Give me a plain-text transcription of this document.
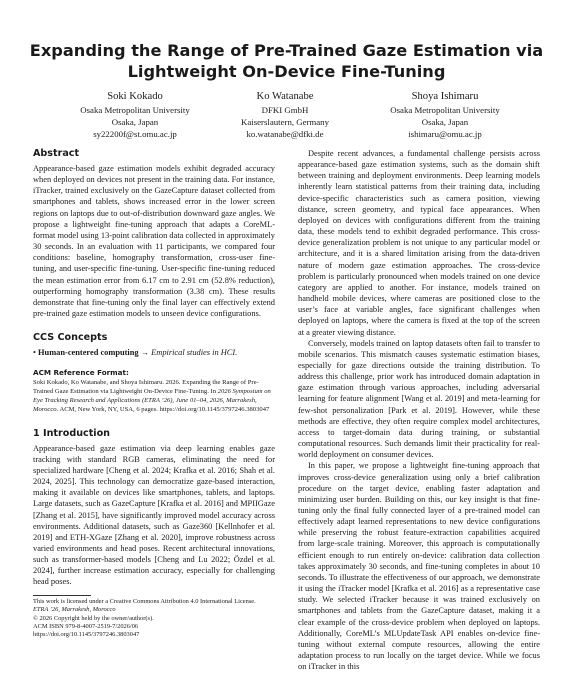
Expanding the Range of Pre-Trained Gaze Estimation via
Lightweight On-Device Fine-Tuning
Soki Kokado
Osaka Metropolitan University
Osaka, Japan
sy22200f@st.omu.ac.jp
Ko Watanabe
DFKI GmbH
Kaiserslautern, Germany
ko.watanabe@dfki.de
Shoya Ishimaru
Osaka Metropolitan University
Osaka, Japan
ishimaru@omu.ac.jp
Abstract

Appearance-based gaze estimation models exhibit degraded accuracy when deployed on devices not present in the training data. For instance, iTracker, trained exclusively on the GazeCapture dataset collected from smartphones and tablets, shows increased error in the lower screen regions on laptops due to out-of-distribution downward gaze angles. We propose a lightweight fine-tuning approach that adapts a CoreML-format model using 13-point calibration data collected in approximately 30 seconds. In an evaluation with 11 participants, we compared four conditions: baseline, homography transformation, cross-user fine-tuning, and user-specific fine-tuning. User-specific fine-tuning reduced the mean estimation error from 6.17 cm to 2.91 cm (52.8% reduction), outperforming homography transformation (3.38 cm). These results demonstrate that fine-tuning only the final layer can effectively extend pre-trained gaze estimation models to unseen device configurations.

CCS Concepts

• Human-centered computing → Empirical studies in HCI.

ACM Reference Format:

Soki Kokado, Ko Watanabe, and Shoya Ishimaru. 2026. Expanding the Range of Pre-Trained Gaze Estimation via Lightweight On-Device Fine-Tuning. In 2026 Symposium on Eye Tracking Research and Applications (ETRA ’26), June 01–04, 2026, Marrakesh, Morocco. ACM, New York, NY, USA, 6 pages. https://doi.org/10.1145/3797246.3803047

1 Introduction

Appearance-based gaze estimation via deep learning enables gaze tracking with standard RGB cameras, eliminating the need for specialized hardware [Cheng et al. 2024; Krafka et al. 2016; Shah et al. 2024, 2025]. This technology can democratize gaze-based interaction, making it available on devices like smartphones, tablets, and laptops. Large datasets, such as GazeCapture [Krafka et al. 2016] and MPIIGaze [Zhang et al. 2015], have significantly improved model accuracy across environments. Additional datasets, such as Gaze360 [Kellnhofer et al. 2019] and ETH-XGaze [Zhang et al. 2020], improve robustness across varied environments and head poses. Recent architectural innovations, such as transformer-based models [Cheng and Lu 2022; Özdel et al. 2024], further increase estimation accuracy, especially for challenging head poses.

Despite recent advances, a fundamental challenge persists across appearance-based gaze estimation systems, such as the domain shift between training and deployment environments. Deep learning models inherently learn statistical patterns from their training data, including device-specific characteristics such as camera position, viewing distance, screen geometry, and typical face appearances. When deployed on devices with configurations different from the training data, these models tend to exhibit degraded performance. This cross-device generalization problem is not unique to any particular model or architecture, and it is a shared limitation arising from the data-driven nature of modern gaze estimation approaches. The cross-device problem is particularly pronounced when models trained on one device category are applied to another. For instance, models trained on handheld mobile devices, where cameras are positioned close to the user’s face at variable angles, face significant challenges when deployed on laptops, where the camera is fixed at the top of the screen at a greater viewing distance.

Conversely, models trained on laptop datasets often fail to transfer to mobile scenarios. This mismatch causes systematic estimation biases, especially for gaze directions outside the training distribution. To address this challenge, prior work has introduced domain adaptation in gaze estimation through various approaches, including adversarial learning for feature alignment [Wang et al. 2019] and meta-learning for few-shot personalization [Park et al. 2019]. However, while these methods are effective, they often require complex model architectures, access to target-domain data during training, or substantial computational resources. Such demands limit their practicality for real-world deployment on consumer devices.

In this paper, we propose a lightweight fine-tuning approach that improves cross-device generalization using only a brief calibration procedure on the target device, enabling faster adaptation and minimizing user burden. Building on this, our key insight is that fine-tuning only the final fully connected layer of a pre-trained model can effectively adapt learned representations to new device configurations while preserving the robust feature-extraction capabilities acquired from large-scale training. Moreover, this approach is computationally efficient enough to run entirely on-device: calibration data collection takes approximately 30 seconds, and fine-tuning completes in about 10 seconds. To illustrate the effectiveness of our approach, we demonstrate it using the iTracker model [Krafka et al. 2016] as a representative case study. We selected iTracker because it was trained exclusively on smartphones and tablets from the GazeCapture dataset, making it a clear example of the cross-device problem when deployed on laptops. Additionally, CoreML’s MLUpdateTask API enables on-device fine-tuning without external compute resources, allowing the entire adaptation process to run locally on the target device. While we focus on iTracker in this

This work is licensed under a Creative Commons Attribution 4.0 International License.
ETRA ’26, Marrakesh, Morocco
© 2026 Copyright held by the owner/author(s).
ACM ISBN 979-8-4007-2519-7/2026/06
https://doi.org/10.1145/3797246.3803047
